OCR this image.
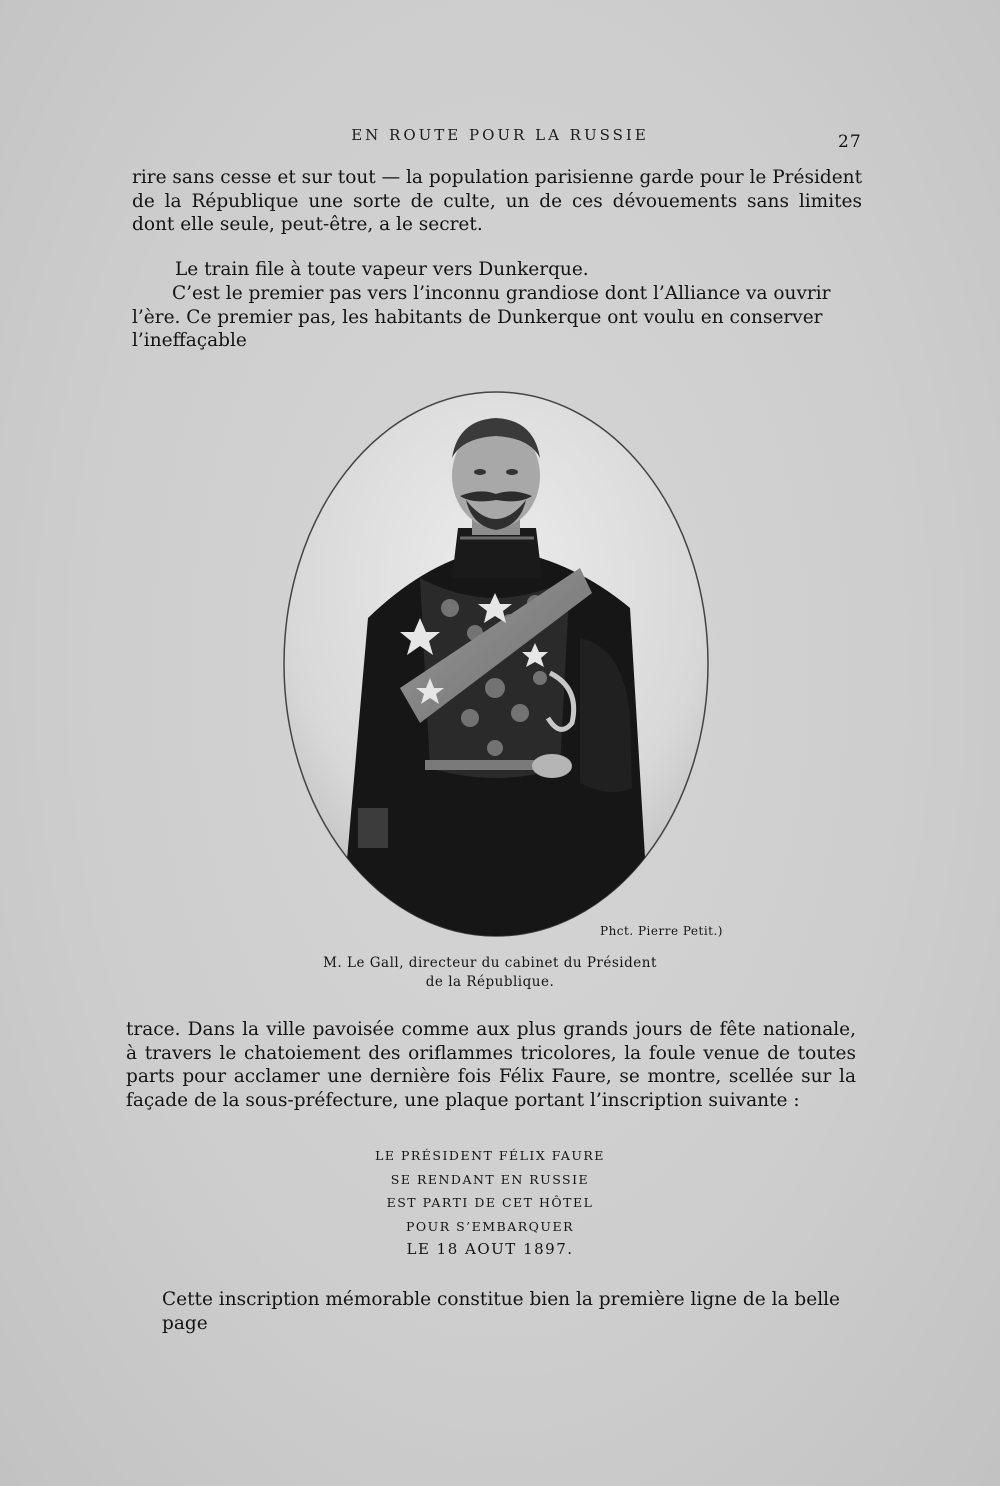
EN ROUTE POUR LA RUSSIE	27

rire sans cesse et sur tout — la population parisienne garde pour le Président de la République une sorte de culte, un de ces dévouements sans limites dont elle seule, peut-être, a le secret.

Le train file à toute vapeur vers Dunkerque.

C’est le premier pas vers l’inconnu grandiose dont l’Alliance va ouvrir l’ère. Ce premier pas, les habitants de Dunkerque ont voulu en conserver l’ineffaçable

Phct. Pierre Petit.)
M. Le Gall, directeur du cabinet du Président
de la République.

trace. Dans la ville pavoisée comme aux plus grands jours de fête nationale, à travers le chatoiement des oriflammes tricolores, la foule venue de toutes parts pour acclamer une dernière fois Félix Faure, se montre, scellée sur la façade de la sous-préfecture, une plaque portant l’inscription suivante :

LE PRÉSIDENT FÉLIX FAURE
SE RENDANT EN RUSSIE
EST PARTI DE CET HÔTEL
POUR S’EMBARQUER
LE 18 AOUT 1897.

Cette inscription mémorable constitue bien la première ligne de la belle page
